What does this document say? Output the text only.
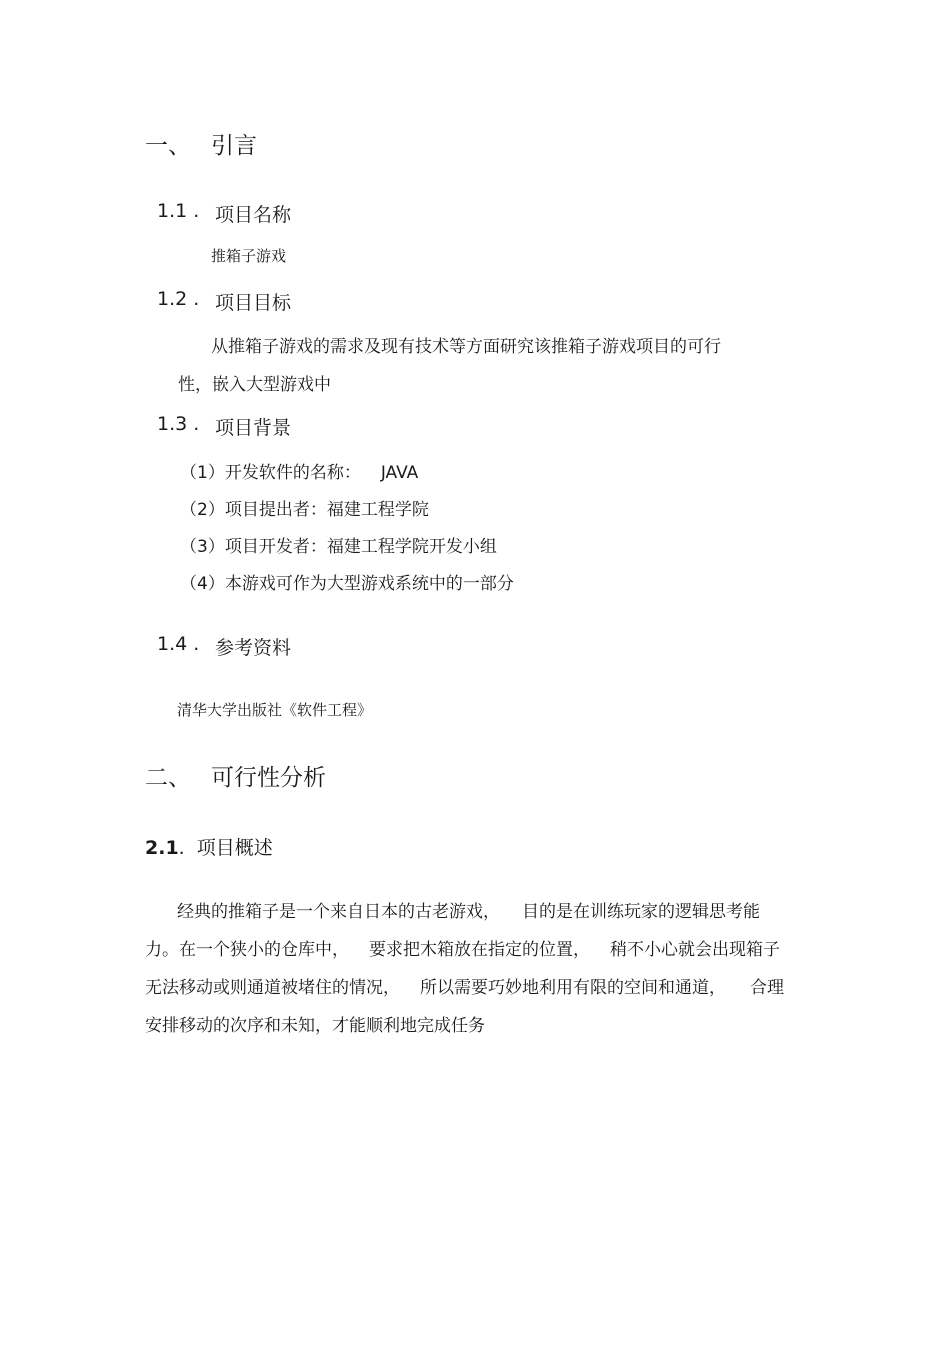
一、 引言
1.1 . 项目名称
推箱子游戏
1.2 . 项目目标
从推箱子游戏的需求及现有技术等方面研究该推箱子游戏项目的可行
性，嵌入大型游戏中
1.3 . 项目背景
（1）开发软件的名称： JAVA
（2）项目提出者：福建工程学院
（3）项目开发者：福建工程学院开发小组
（4）本游戏可作为大型游戏系统中的一部分
1.4 . 参考资料
清华大学出版社《软件工程》
二、 可行性分析
2.1. 项目概述
经典的推箱子是一个来自日本的古老游戏， 目的是在训练玩家的逻辑思考能
力。在一个狭小的仓库中， 要求把木箱放在指定的位置， 稍不小心就会出现箱子
无法移动或则通道被堵住的情况， 所以需要巧妙地利用有限的空间和通道， 合理
安排移动的次序和未知，才能顺利地完成任务
